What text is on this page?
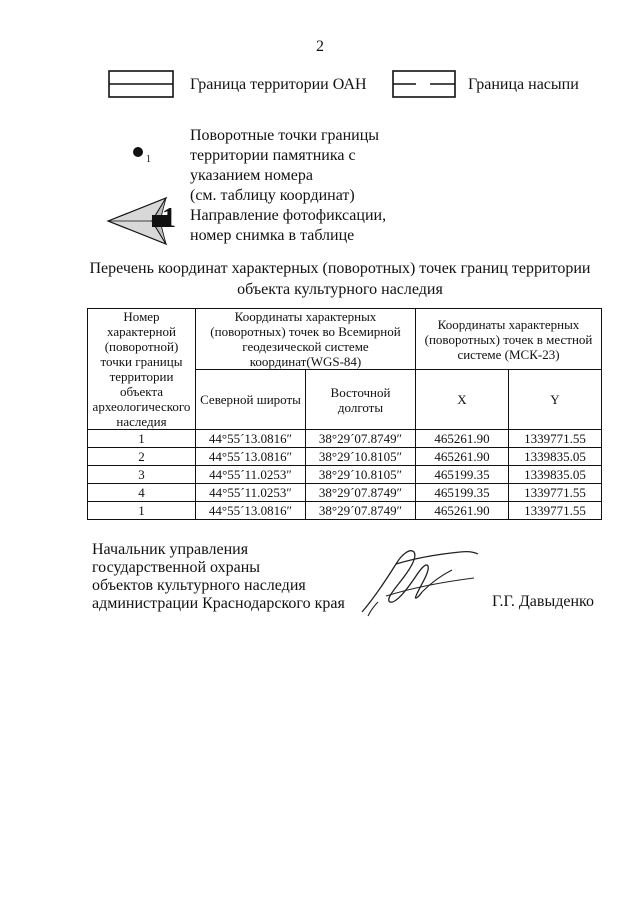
2
Граница территории ОАН	Граница насыпи
1
Поворотные точки границы
территории памятника с
указанием номера
(см. таблицу координат)
1 Направление фотофиксации,
номер снимка в таблице
Перечень координат характерных (поворотных) точек границ территории
объекта культурного наследия
Номер характерной (поворотной) точки границы территории объекта археологического наследия	Координаты характерных (поворотных) точек во Всемирной геодезической системе координат(WGS-84)		Координаты характерных (поворотных) точек в местной системе (МСК-23)	
	Северной широты	Восточной долготы	X	Y
1	44°55´13.0816″	38°29´07.8749″	465261.90	1339771.55
2	44°55´13.0816″	38°29´10.8105″	465261.90	1339835.05
3	44°55´11.0253″	38°29´10.8105″	465199.35	1339835.05
4	44°55´11.0253″	38°29´07.8749″	465199.35	1339771.55
1	44°55´13.0816″	38°29´07.8749″	465261.90	1339771.55
Начальник управления
государственной охраны
объектов культурного наследия
администрации Краснодарского края	Г.Г. Давыденко
